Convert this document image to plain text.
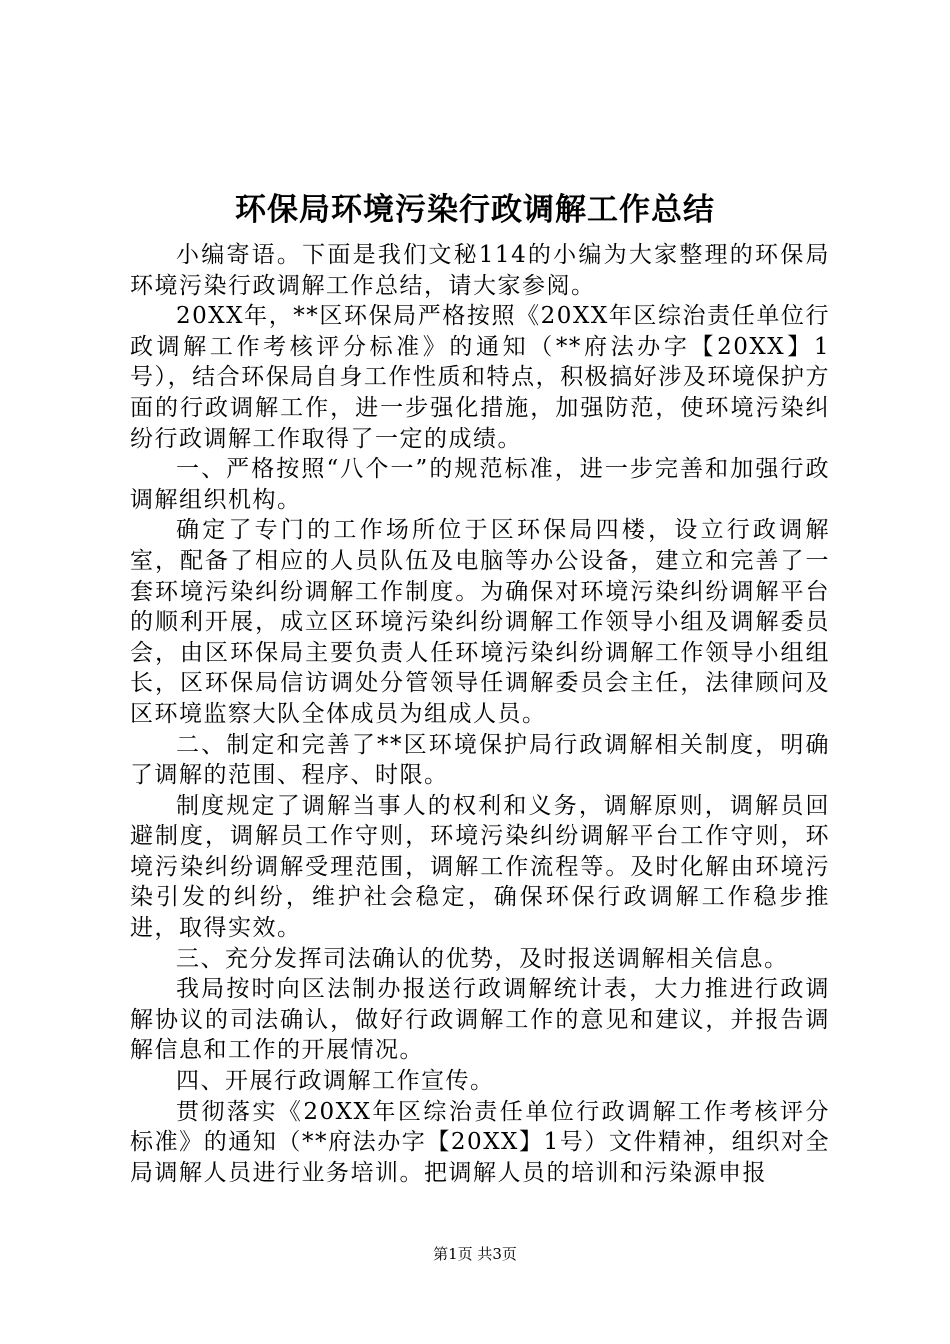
环保局环境污染行政调解工作总结

小编寄语。下面是我们文秘114的小编为大家整理的环保局环境污染行政调解工作总结，请大家参阅。

20XX年，**区环保局严格按照《20XX年区综治责任单位行政调解工作考核评分标准》的通知（**府法办字【20XX】1号），结合环保局自身工作性质和特点，积极搞好涉及环境保护方面的行政调解工作，进一步强化措施，加强防范，使环境污染纠纷行政调解工作取得了一定的成绩。

一、严格按照“八个一”的规范标准，进一步完善和加强行政调解组织机构。

确定了专门的工作场所位于区环保局四楼，设立行政调解室，配备了相应的人员队伍及电脑等办公设备，建立和完善了一套环境污染纠纷调解工作制度。为确保对环境污染纠纷调解平台的顺利开展，成立区环境污染纠纷调解工作领导小组及调解委员会，由区环保局主要负责人任环境污染纠纷调解工作领导小组组长，区环保局信访调处分管领导任调解委员会主任，法律顾问及区环境监察大队全体成员为组成人员。

二、制定和完善了**区环境保护局行政调解相关制度，明确了调解的范围、程序、时限。

制度规定了调解当事人的权利和义务，调解原则，调解员回避制度，调解员工作守则，环境污染纠纷调解平台工作守则，环境污染纠纷调解受理范围，调解工作流程等。及时化解由环境污染引发的纠纷，维护社会稳定，确保环保行政调解工作稳步推进，取得实效。

三、充分发挥司法确认的优势，及时报送调解相关信息。

我局按时向区法制办报送行政调解统计表，大力推进行政调解协议的司法确认，做好行政调解工作的意见和建议，并报告调解信息和工作的开展情况。

四、开展行政调解工作宣传。

贯彻落实《20XX年区综治责任单位行政调解工作考核评分标准》的通知（**府法办字【20XX】1号）文件精神，组织对全局调解人员进行业务培训。把调解人员的培训和污染源申报

第1页 共3页
